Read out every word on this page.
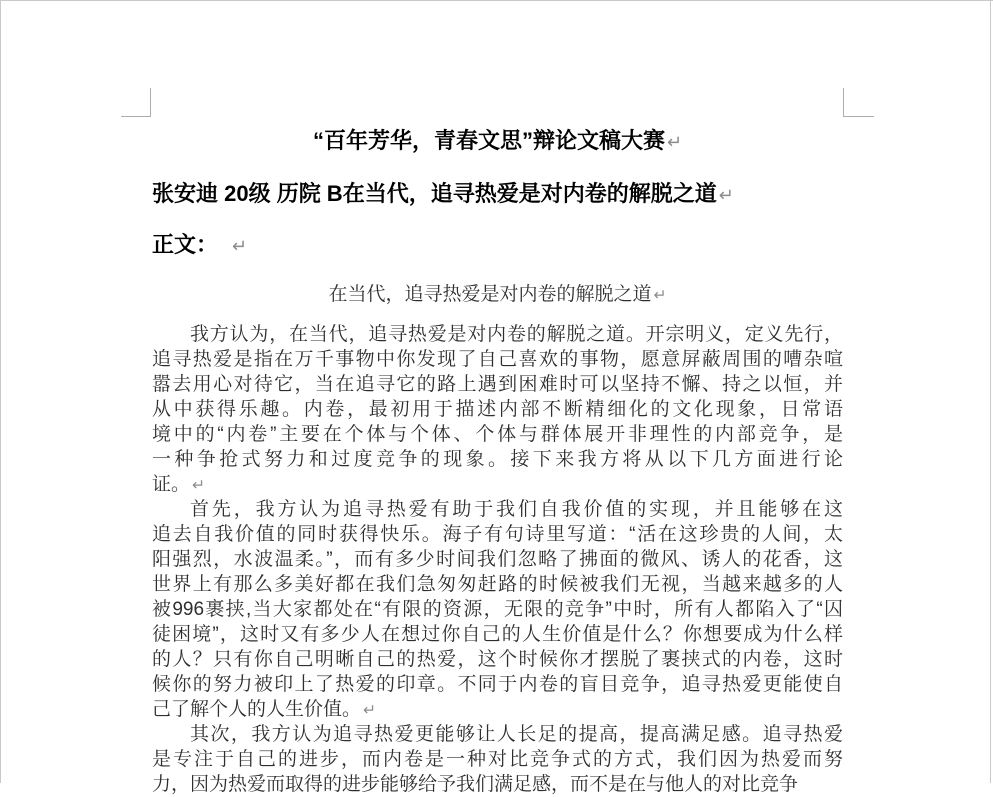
“百年芳华，青春文思”辩论文稿大赛 ↵
张安迪 20级 历院 B在当代，追寻热爱是对内卷的解脱之道 ↵
正文： ↵
在当代，追寻热爱是对内卷的解脱之道 ↵
我方认为，在当代，追寻热爱是对内卷的解脱之道。开宗明义，定义先行，
追寻热爱是指在万千事物中你发现了自己喜欢的事物，愿意屏蔽周围的嘈杂喧
嚣去用心对待它，当在追寻它的路上遇到困难时可以坚持不懈、持之以恒，并
从中获得乐趣。内卷，最初用于描述内部不断精细化的文化现象，日常语
境中的“内卷”主要在个体与个体、个体与群体展开非理性的内部竞争，是
一种争抢式努力和过度竞争的现象。接下来我方将从以下几方面进行论
证。 ↵
首先，我方认为追寻热爱有助于我们自我价值的实现，并且能够在这
追去自我价值的同时获得快乐。海子有句诗里写道：“活在这珍贵的人间，太
阳强烈，水波温柔。”，而有多少时间我们忽略了拂面的微风、诱人的花香，这
世界上有那么多美好都在我们急匆匆赶路的时候被我们无视，当越来越多的人
被996裹挟,当大家都处在“有限的资源，无限的竞争”中时，所有人都陷入了“囚
徒困境”，这时又有多少人在想过你自己的人生价值是什么？你想要成为什么样
的人？只有你自己明晰自己的热爱，这个时候你才摆脱了裹挟式的内卷，这时
候你的努力被印上了热爱的印章。不同于内卷的盲目竞争，追寻热爱更能使自
己了解个人的人生价值。 ↵
其次，我方认为追寻热爱更能够让人长足的提高，提高满足感。追寻热爱
是专注于自己的进步，而内卷是一种对比竞争式的方式，我们因为热爱而努
力，因为热爱而取得的进步能够给予我们满足感，而不是在与他人的对比竞争
